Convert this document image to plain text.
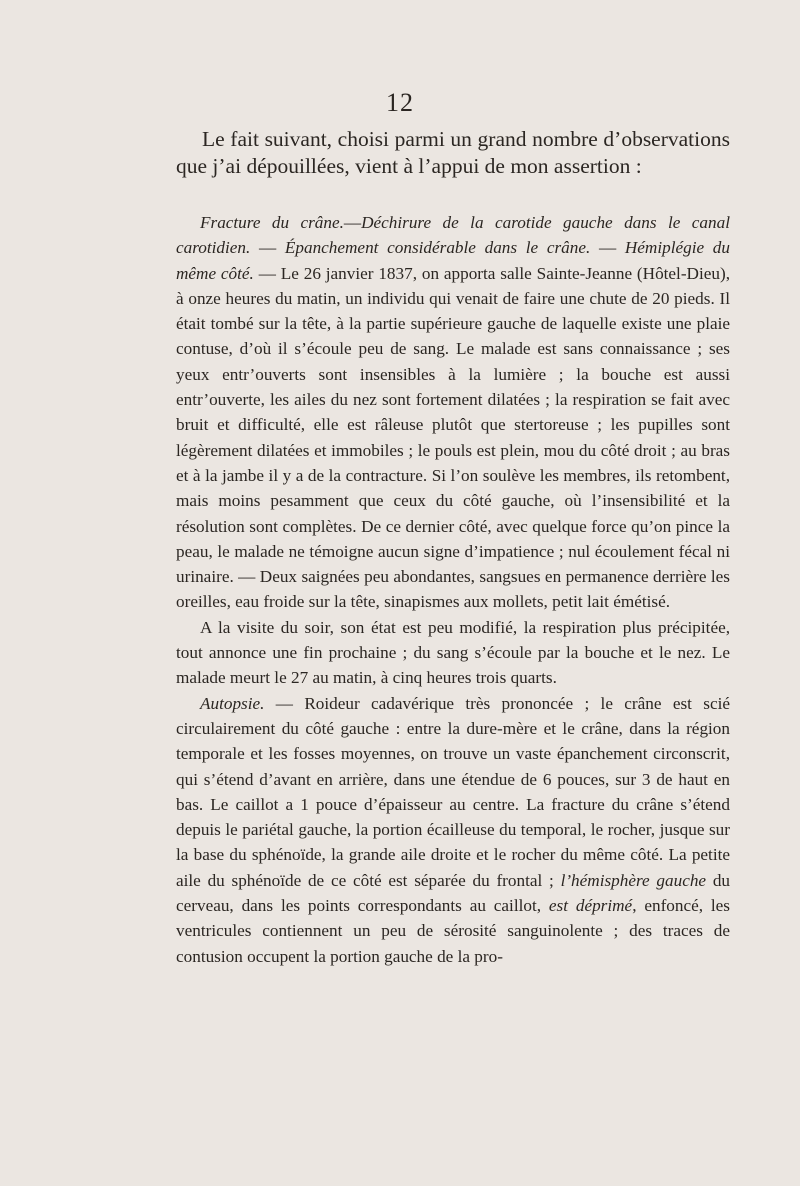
12

Le fait suivant, choisi parmi un grand nombre d’observations que j’ai dépouillées, vient à l’appui de mon assertion :

Fracture du crâne.—Déchirure de la carotide gauche dans le canal carotidien. — Épanchement considérable dans le crâne. — Hémiplégie du même côté. — Le 26 janvier 1837, on apporta salle Sainte-Jeanne (Hôtel-Dieu), à onze heures du matin, un individu qui venait de faire une chute de 20 pieds. Il était tombé sur la tête, à la partie supérieure gauche de laquelle existe une plaie contuse, d’où il s’écoule peu de sang. Le malade est sans connaissance ; ses yeux entr’ouverts sont insensibles à la lumière ; la bouche est aussi entr’ouverte, les ailes du nez sont fortement dilatées ; la respiration se fait avec bruit et difficulté, elle est râleuse plutôt que stertoreuse ; les pupilles sont légèrement dilatées et immobiles ; le pouls est plein, mou du côté droit ; au bras et à la jambe il y a de la contracture. Si l’on soulève les membres, ils retombent, mais moins pesamment que ceux du côté gauche, où l’insensibilité et la résolution sont complètes. De ce dernier côté, avec quelque force qu’on pince la peau, le malade ne témoigne aucun signe d’impatience ; nul écoulement fécal ni urinaire. — Deux saignées peu abondantes, sangsues en permanence derrière les oreilles, eau froide sur la tête, sinapismes aux mollets, petit lait émétisé.

A la visite du soir, son état est peu modifié, la respiration plus précipitée, tout annonce une fin prochaine ; du sang s’écoule par la bouche et le nez. Le malade meurt le 27 au matin, à cinq heures trois quarts.

Autopsie. — Roideur cadavérique très prononcée ; le crâne est scié circulairement du côté gauche : entre la dure-mère et le crâne, dans la région temporale et les fosses moyennes, on trouve un vaste épanchement circonscrit, qui s’étend d’avant en arrière, dans une étendue de 6 pouces, sur 3 de haut en bas. Le caillot a 1 pouce d’épaisseur au centre. La fracture du crâne s’étend depuis le pariétal gauche, la portion écailleuse du temporal, le rocher, jusque sur la base du sphénoïde, la grande aile droite et le rocher du même côté. La petite aile du sphénoïde de ce côté est séparée du frontal ; l’hémisphère gauche du cerveau, dans les points correspondants au caillot, est déprimé, enfoncé, les ventricules contiennent un peu de sérosité sanguinolente ; des traces de contusion occupent la portion gauche de la pro-
